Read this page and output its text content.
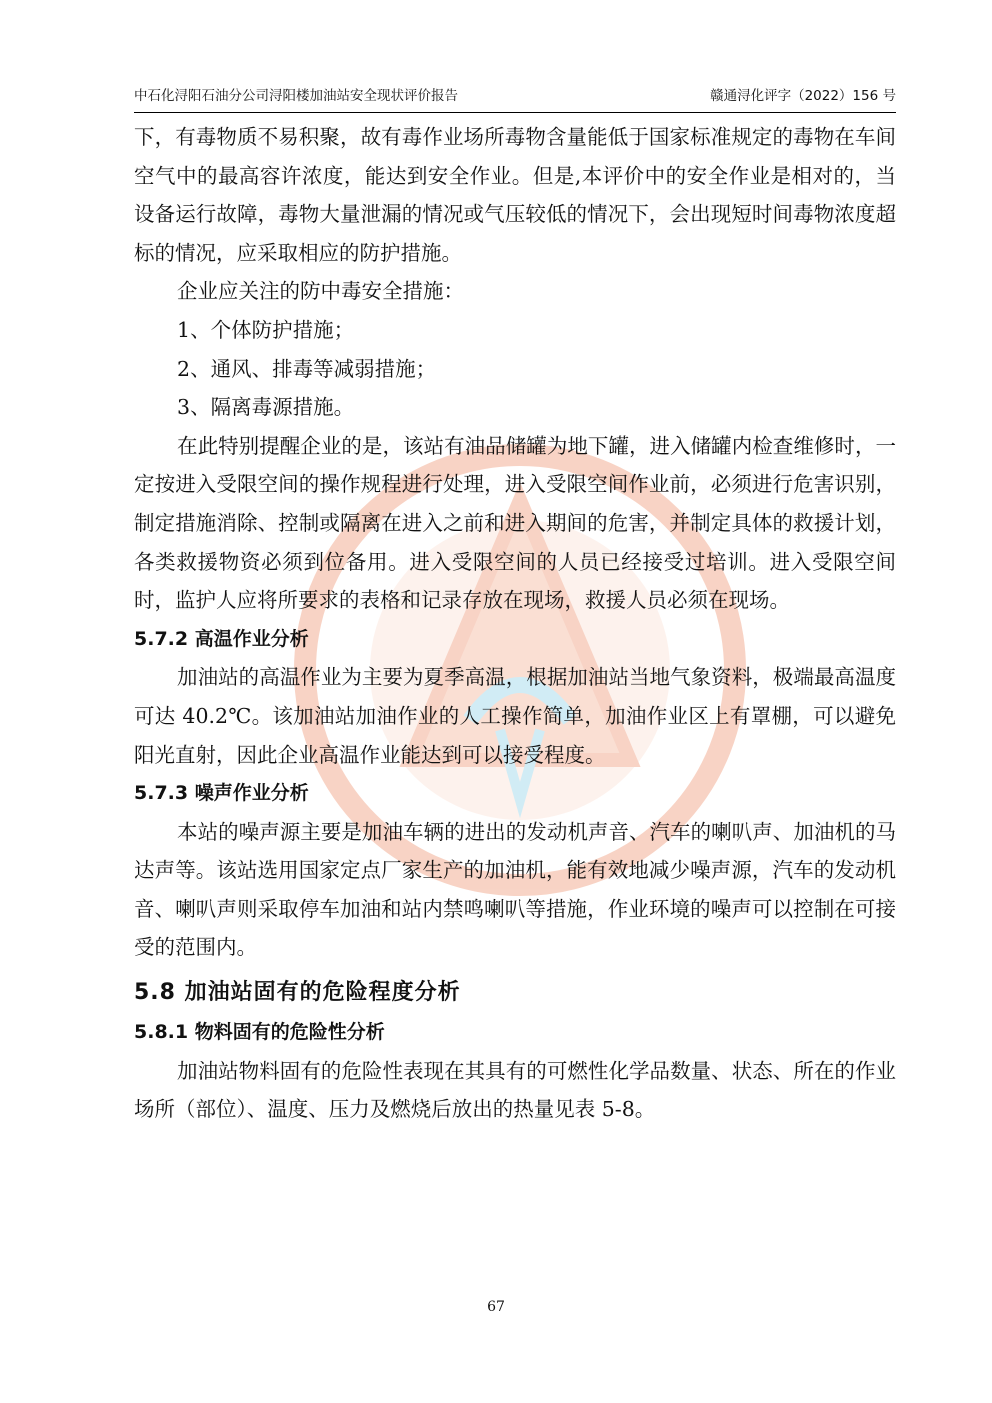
中石化浔阳石油分公司浔阳楼加油站安全现状评价报告	赣通浔化评字（2022）156 号

下，有毒物质不易积聚，故有毒作业场所毒物含量能低于国家标准规定的毒物在车间空气中的最高容许浓度，能达到安全作业。但是,本评价中的安全作业是相对的，当设备运行故障，毒物大量泄漏的情况或气压较低的情况下，会出现短时间毒物浓度超标的情况，应采取相应的防护措施。

企业应关注的防中毒安全措施：

1、个体防护措施；

2、通风、排毒等减弱措施；

3、隔离毒源措施。

在此特别提醒企业的是，该站有油品储罐为地下罐，进入储罐内检查维修时，一定按进入受限空间的操作规程进行处理，进入受限空间作业前，必须进行危害识别，制定措施消除、控制或隔离在进入之前和进入期间的危害，并制定具体的救援计划，各类救援物资必须到位备用。进入受限空间的人员已经接受过培训。进入受限空间时，监护人应将所要求的表格和记录存放在现场，救援人员必须在现场。

5.7.2 高温作业分析

加油站的高温作业为主要为夏季高温，根据加油站当地气象资料，极端最高温度可达 40.2℃。该加油站加油作业的人工操作简单，加油作业区上有罩棚，可以避免阳光直射，因此企业高温作业能达到可以接受程度。

5.7.3 噪声作业分析

本站的噪声源主要是加油车辆的进出的发动机声音、汽车的喇叭声、加油机的马达声等。该站选用国家定点厂家生产的加油机，能有效地减少噪声源，汽车的发动机音、喇叭声则采取停车加油和站内禁鸣喇叭等措施，作业环境的噪声可以控制在可接受的范围内。

5.8 加油站固有的危险程度分析
5.8.1 物料固有的危险性分析

加油站物料固有的危险性表现在其具有的可燃性化学品数量、状态、所在的作业场所（部位）、温度、压力及燃烧后放出的热量见表 5-8。

67
